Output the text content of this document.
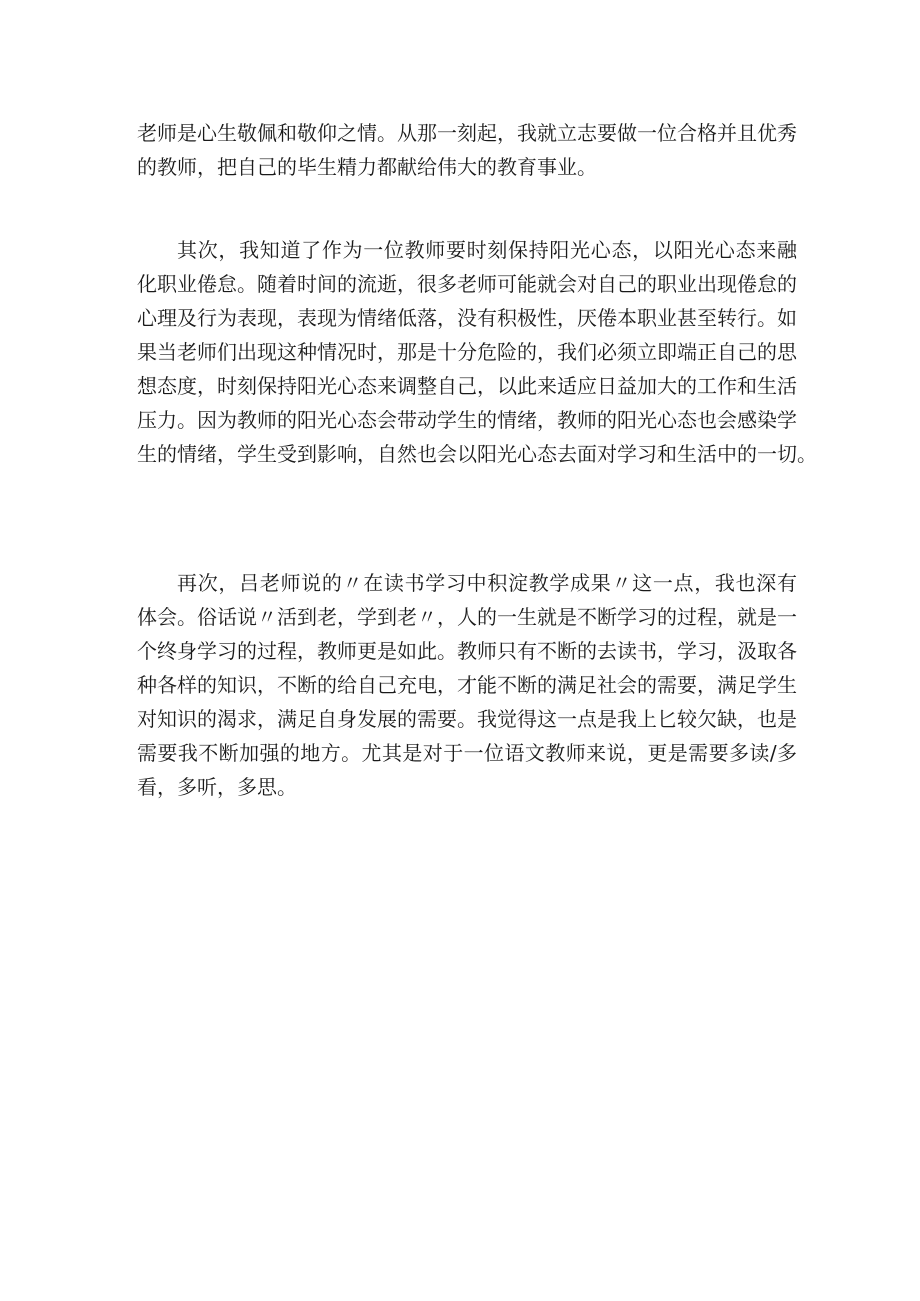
老师是心生敬佩和敬仰之情。从那一刻起，我就立志要做一位合格并且优秀
的教师，把自己的毕生精力都献给伟大的教育事业。
其次，我知道了作为一位教师要时刻保持阳光心态，以阳光心态来融
化职业倦怠。随着时间的流逝，很多老师可能就会对自己的职业出现倦怠的
心理及行为表现，表现为情绪低落，没有积极性，厌倦本职业甚至转行。如
果当老师们出现这种情况时，那是十分危险的，我们必须立即端正自己的思
想态度，时刻保持阳光心态来调整自己，以此来适应日益加大的工作和生活
压力。因为教师的阳光心态会带动学生的情绪，教师的阳光心态也会感染学
生的情绪，学生受到影响，自然也会以阳光心态去面对学习和生活中的一切。
再次，吕老师说的〃在读书学习中积淀教学成果〃这一点，我也深有
体会。俗话说〃活到老，学到老〃，人的一生就是不断学习的过程，就是一
个终身学习的过程，教师更是如此。教师只有不断的去读书，学习，汲取各
种各样的知识，不断的给自己充电，才能不断的满足社会的需要，满足学生
对知识的渴求，满足自身发展的需要。我觉得这一点是我上匕较欠缺，也是
需要我不断加强的地方。尤其是对于一位语文教师来说，更是需要多读/多
看，多听，多思。
